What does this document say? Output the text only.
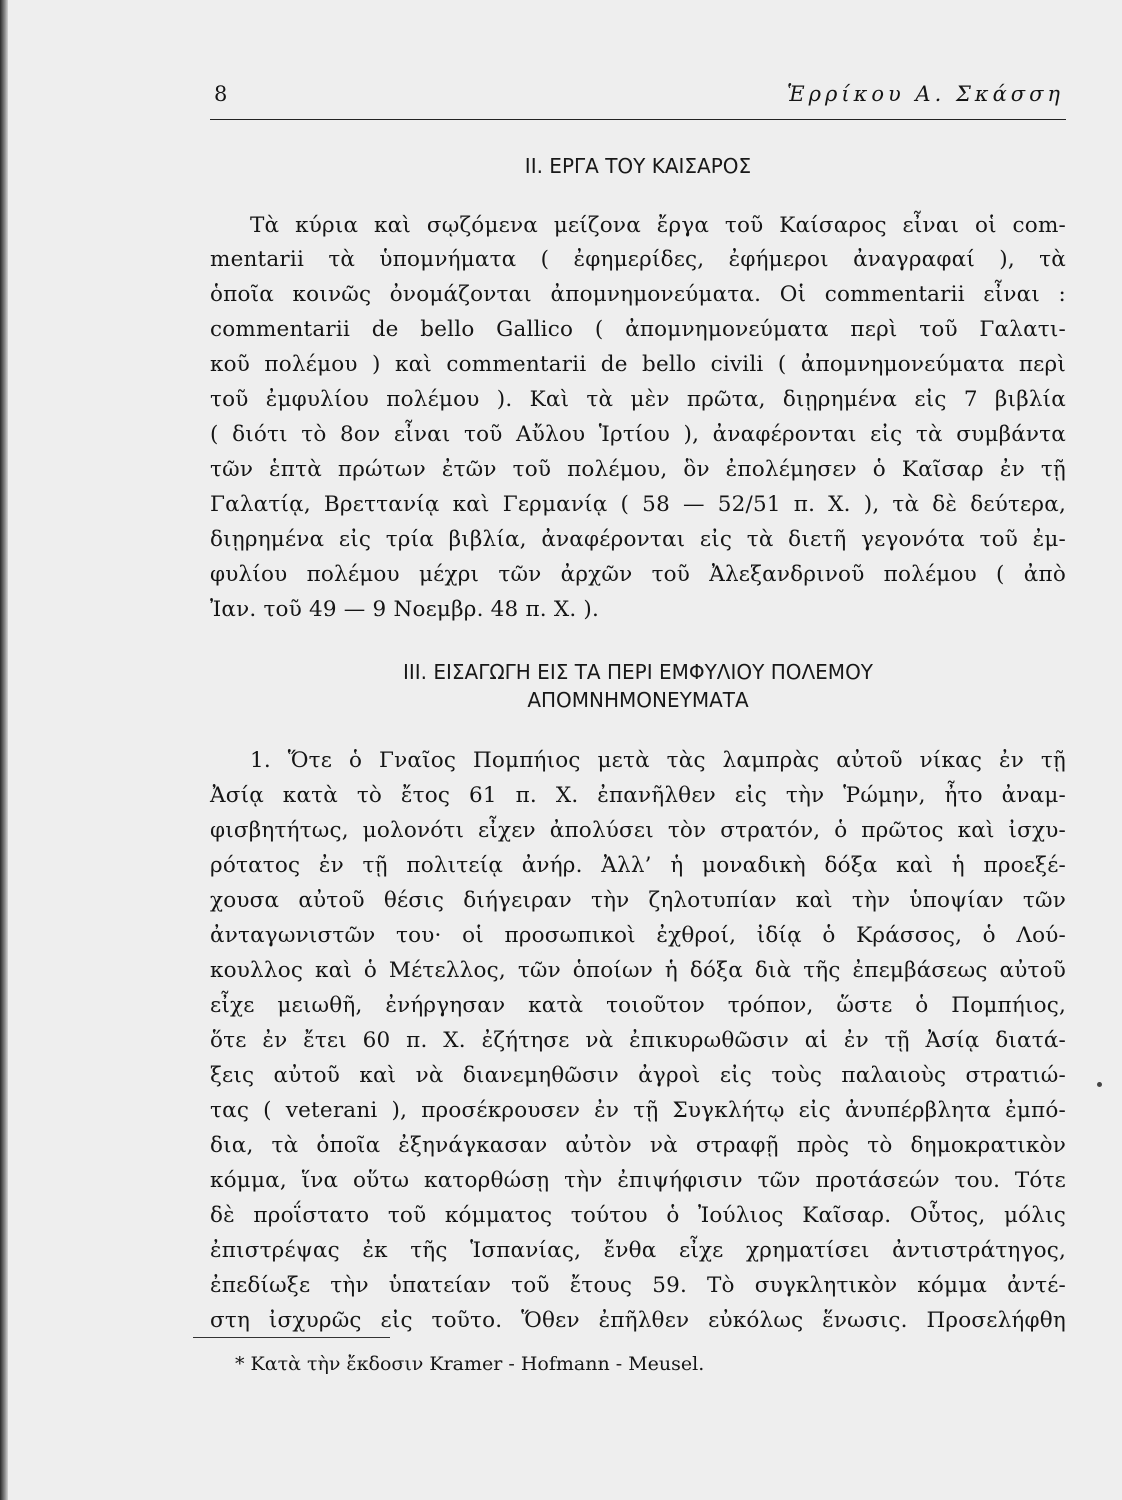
8	Ἑρρίκου Α. Σκάσση
ΙΙ. ΕΡΓΑ ΤΟΥ ΚΑΙΣΑΡΟΣ
Τὰ κύρια καὶ σῳζόμενα μείζονα ἔργα τοῦ Καίσαρος εἶναι οἱ com-
mentarii τὰ ὑπομνήματα ( ἐφημερίδες, ἐφήμεροι ἀναγραφαί ), τὰ
ὁποῖα κοινῶς ὀνομάζονται ἀπομνημονεύματα. Οἱ commentarii εἶναι :
commentarii de bello Gallico ( ἀπομνημονεύματα περὶ τοῦ Γαλατι-
κοῦ πολέμου ) καὶ commentarii de bello civili ( ἀπομνημονεύματα περὶ
τοῦ ἐμφυλίου πολέμου ). Καὶ τὰ μὲν πρῶτα, διῃρημένα εἰς 7 βιβλία
( διότι τὸ 8ον εἶναι τοῦ Αὔλου Ἱρτίου ), ἀναφέρονται εἰς τὰ συμβάντα
τῶν ἑπτὰ πρώτων ἐτῶν τοῦ πολέμου, ὃν ἐπολέμησεν ὁ Καῖσαρ ἐν τῇ
Γαλατίᾳ, Βρεττανίᾳ καὶ Γερμανίᾳ ( 58 — 52/51 π. Χ. ), τὰ δὲ δεύτερα,
διῃρημένα εἰς τρία βιβλία, ἀναφέρονται εἰς τὰ διετῆ γεγονότα τοῦ ἐμ-
φυλίου πολέμου μέχρι τῶν ἀρχῶν τοῦ Ἀλεξανδρινοῦ πολέμου ( ἀπὸ
Ἰαν. τοῦ 49 — 9 Νοεμβρ. 48 π. Χ. ).
ΙΙΙ. ΕΙΣΑΓΩΓΗ ΕΙΣ ΤΑ ΠΕΡΙ ΕΜΦΥΛΙΟΥ ΠΟΛΕΜΟΥ
ΑΠΟΜΝΗΜΟΝΕΥΜΑΤΑ
1. Ὅτε ὁ Γναῖος Πομπήιος μετὰ τὰς λαμπρὰς αὐτοῦ νίκας ἐν τῇ
Ἀσίᾳ κατὰ τὸ ἔτος 61 π. Χ. ἐπανῆλθεν εἰς τὴν Ῥώμην, ἦτο ἀναμ-
φισβητήτως, μολονότι εἶχεν ἀπολύσει τὸν στρατόν, ὁ πρῶτος καὶ ἰσχυ-
ρότατος ἐν τῇ πολιτείᾳ ἀνήρ. Ἀλλ’ ἡ μοναδικὴ δόξα καὶ ἡ προεξέ-
χουσα αὐτοῦ θέσις διήγειραν τὴν ζηλοτυπίαν καὶ τὴν ὑποψίαν τῶν
ἀνταγωνιστῶν του· οἱ προσωπικοὶ ἐχθροί, ἰδίᾳ ὁ Κράσσος, ὁ Λού-
κουλλος καὶ ὁ Μέτελλος, τῶν ὁποίων ἡ δόξα διὰ τῆς ἐπεμβάσεως αὐτοῦ
εἶχε μειωθῆ, ἐνήργησαν κατὰ τοιοῦτον τρόπον, ὥστε ὁ Πομπήιος,
ὅτε ἐν ἔτει 60 π. Χ. ἐζήτησε νὰ ἐπικυρωθῶσιν αἱ ἐν τῇ Ἀσίᾳ διατά-
ξεις αὐτοῦ καὶ νὰ διανεμηθῶσιν ἀγροὶ εἰς τοὺς παλαιοὺς στρατιώ-
τας ( veterani ), προσέκρουσεν ἐν τῇ Συγκλήτῳ εἰς ἀνυπέρβλητα ἐμπό-
δια, τὰ ὁποῖα ἐξηνάγκασαν αὐτὸν νὰ στραφῇ πρὸς τὸ δημοκρατικὸν
κόμμα, ἵνα οὕτω κατορθώσῃ τὴν ἐπιψήφισιν τῶν προτάσεών του. Τότε
δὲ προΐστατο τοῦ κόμματος τούτου ὁ Ἰούλιος Καῖσαρ. Οὗτος, μόλις
ἐπιστρέψας ἐκ τῆς Ἱσπανίας, ἔνθα εἶχε χρηματίσει ἀντιστράτηγος,
ἐπεδίωξε τὴν ὑπατείαν τοῦ ἔτους 59. Τὸ συγκλητικὸν κόμμα ἀντέ-
στη ἰσχυρῶς εἰς τοῦτο. Ὅθεν ἐπῆλθεν εὐκόλως ἕνωσις. Προσελήφθη
* Κατὰ τὴν ἔκδοσιν Kramer - Hofmann - Meusel.
